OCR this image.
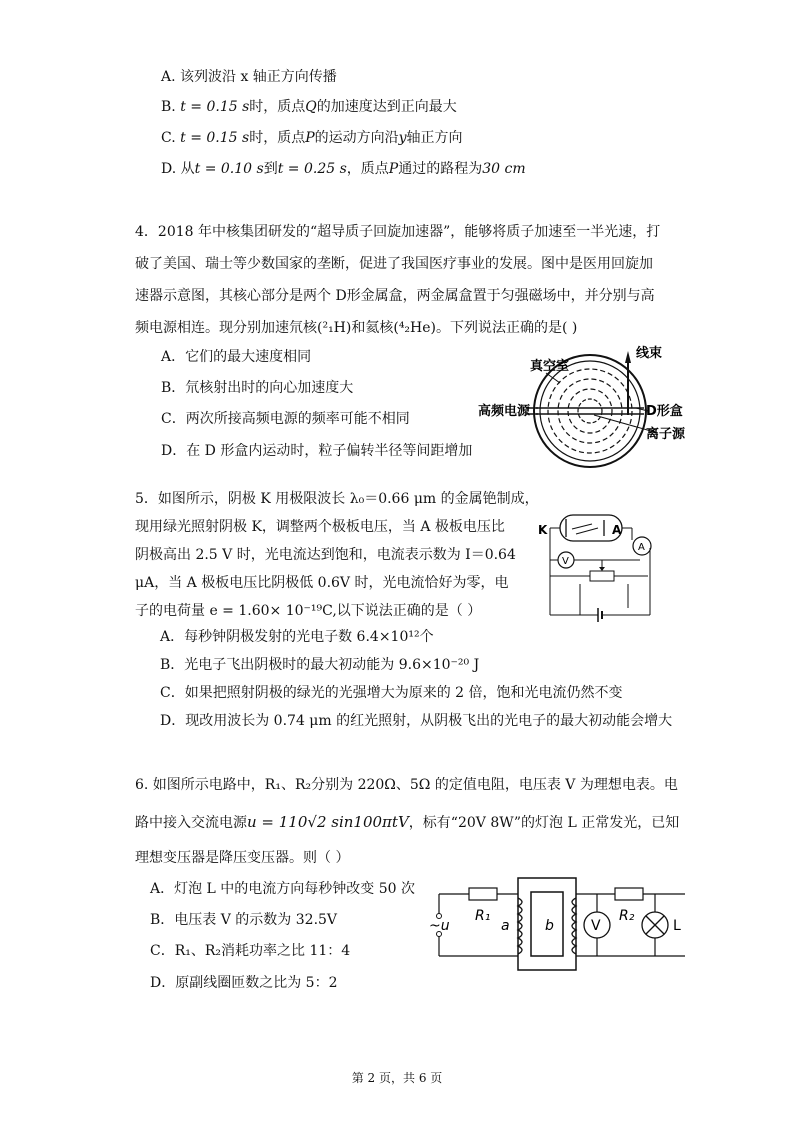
A. 该列波沿 x 轴正方向传播
B. t = 0.15 s时，质点Q的加速度达到正向最大
C. t = 0.15 s时，质点P的运动方向沿y轴正方向
D. 从t = 0.10 s到t = 0.25 s，质点P通过的路程为30 cm
4．2018 年中核集团研发的“超导质子回旋加速器”，能够将质子加速至一半光速，打
破了美国、瑞士等少数国家的垄断，促进了我国医疗事业的发展。图中是医用回旋加
速器示意图，其核心部分是两个 D形金属盒，两金属盒置于匀强磁场中，并分别与高
频电源相连。现分别加速氘核(²₁H)和氦核(⁴₂He)。下列说法正确的是( )
A．它们的最大速度相同
B．氘核射出时的向心加速度大
C．两次所接高频电源的频率可能不相同
D．在 D 形盒内运动时，粒子偏转半径等间距增加
真空室
线束
高频电源	D形盒
离子源
5．如图所示，阴极 K 用极限波长 λ₀＝0.66 μm 的金属铯制成，
现用绿光照射阴极 K，调整两个极板电压，当 A 极板电压比
阴极高出 2.5 V 时，光电流达到饱和，电流表示数为 I＝0.64
μA，当 A 极板电压比阴极低 0.6V 时，光电流恰好为零，电
子的电荷量 e = 1.60× 10⁻¹⁹C,以下说法正确的是（ ）
A．每秒钟阴极发射的光电子数 6.4×10¹²个
B．光电子飞出阴极时的最大初动能为 9.6×10⁻²⁰ J
C．如果把照射阴极的绿光的光强增大为原来的 2 倍，饱和光电流仍然不变
D．现改用波长为 0.74 μm 的红光照射，从阴极飞出的光电子的最大初动能会增大
K	A
A
V
6. 如图所示电路中，R₁、R₂分别为 220Ω、5Ω 的定值电阻，电压表 V 为理想电表。电
路中接入交流电源u = 110√2 sin100πtV，标有“20V 8W”的灯泡 L 正常发光，已知
理想变压器是降压变压器。则（ ）
A．灯泡 L 中的电流方向每秒钟改变 50 次
B．电压表 V 的示数为 32.5V
C．R₁、R₂消耗功率之比 11：4
D．原副线圈匝数之比为 5：2
~u
R₁
a	b	V
R₂
L
第 2 页，共 6 页
